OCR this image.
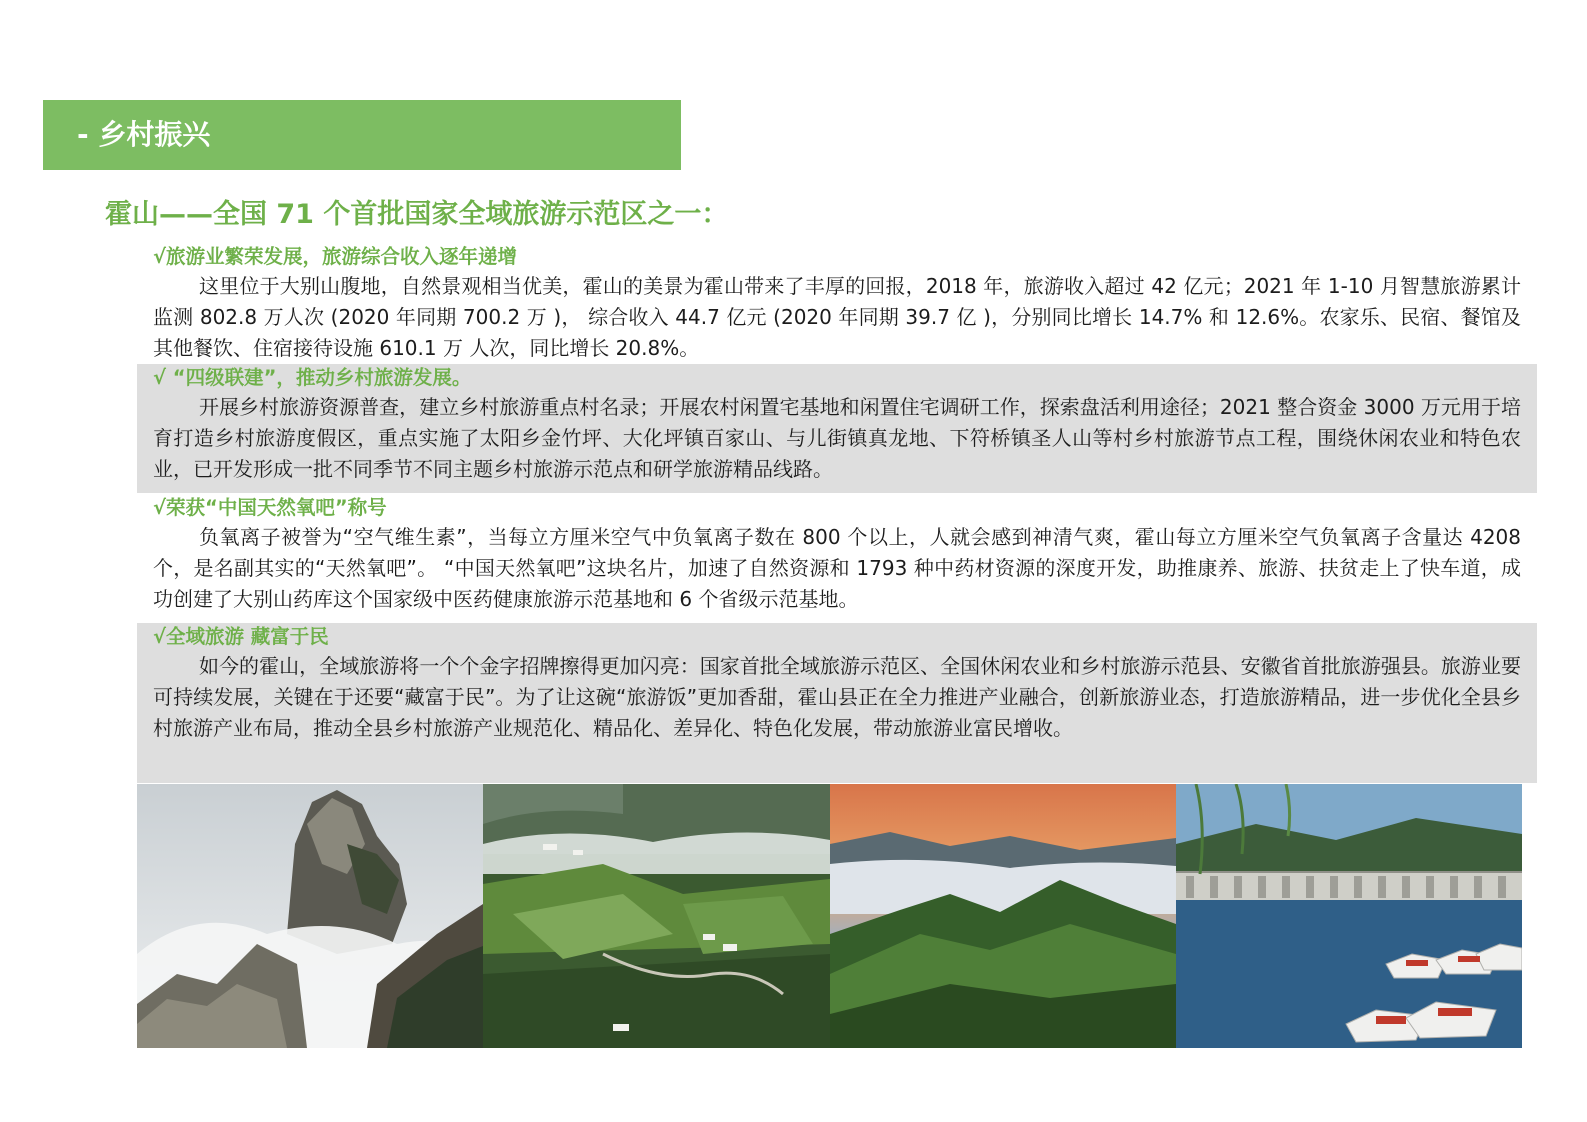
- 乡村振兴
霍山——全国 71 个首批国家全域旅游示范区之一：
√旅游业繁荣发展，旅游综合收入逐年递增
这里位于大别山腹地，自然景观相当优美，霍山的美景为霍山带来了丰厚的回报，2018 年，旅游收入超过 42 亿元；2021 年 1-10 月智慧旅游累计监测 802.8 万人次 (2020 年同期 700.2 万 )， 综合收入 44.7 亿元 (2020 年同期 39.7 亿 )，分别同比增长 14.7% 和 12.6%。农家乐、民宿、餐馆及其他餐饮、住宿接待设施 610.1 万 人次，同比增长 20.8%。
√ “四级联建”，推动乡村旅游发展。
开展乡村旅游资源普查，建立乡村旅游重点村名录；开展农村闲置宅基地和闲置住宅调研工作，探索盘活利用途径；2021 整合资金 3000 万元用于培育打造乡村旅游度假区，重点实施了太阳乡金竹坪、大化坪镇百家山、与儿街镇真龙地、下符桥镇圣人山等村乡村旅游节点工程，围绕休闲农业和特色农业，已开发形成一批不同季节不同主题乡村旅游示范点和研学旅游精品线路。
√荣获“中国天然氧吧”称号
负氧离子被誉为“空气维生素”，当每立方厘米空气中负氧离子数在 800 个以上，人就会感到神清气爽，霍山每立方厘米空气负氧离子含量达 4208 个，是名副其实的“天然氧吧”。 “中国天然氧吧”这块名片，加速了自然资源和 1793 种中药材资源的深度开发，助推康养、旅游、扶贫走上了快车道，成功创建了大别山药库这个国家级中医药健康旅游示范基地和 6 个省级示范基地。
√全域旅游 藏富于民
如今的霍山，全域旅游将一个个金字招牌擦得更加闪亮：国家首批全域旅游示范区、全国休闲农业和乡村旅游示范县、安徽省首批旅游强县。旅游业要可持续发展，关键在于还要“藏富于民”。为了让这碗“旅游饭”更加香甜，霍山县正在全力推进产业融合，创新旅游业态，打造旅游精品，进一步优化全县乡村旅游产业布局，推动全县乡村旅游产业规范化、精品化、差异化、特色化发展，带动旅游业富民增收。
